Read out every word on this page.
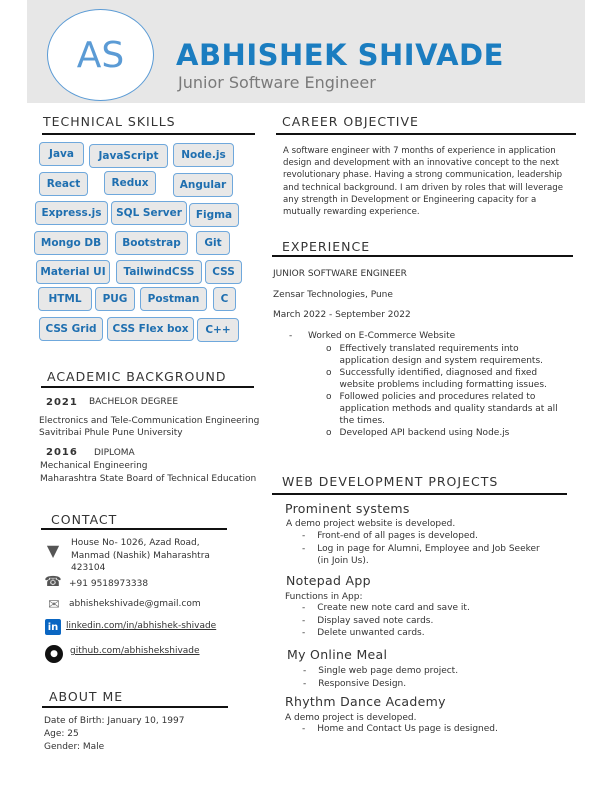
AS ABHISHEK SHIVADE
Junior Software Engineer
TECHNICAL SKILLS
Java	JavaScript	Node.js
React	Redux	Angular
Express.js	SQL Server	Figma
Mongo DB	Bootstrap	Git
Material UI	TailwindCSS	CSS
HTML	PUG	Postman	C
CSS Grid	CSS Flex box	C++
ACADEMIC BACKGROUND
2021 BACHELOR DEGREE
Electronics and Tele-Communication Engineering
Savitribai Phule Pune University
2016 DIPLOMA
Mechanical Engineering
Maharashtra State Board of Technical Education
CONTACT
▼ House No- 1026, Azad Road,
Manmad (Nashik) Maharashtra
423104
☎ +91 9518973338
✉ abhishekshivade@gmail.com
in linkedin.com/in/abhishek-shivade
●	github.com/abhishekshivade
ABOUT ME
Date of Birth: January 10, 1997
Age: 25
Gender: Male
CAREER OBJECTIVE
A software engineer with 7 months of experience in application design and development with an innovative concept to the next revolutionary phase. Having a strong communication, leadership and technical background. I am driven by roles that will leverage any strength in Development or Engineering capacity for a mutually rewarding experience.
EXPERIENCE
JUNIOR SOFTWARE ENGINEER
Zensar Technologies, Pune
March 2022 - September 2022
- Worked on E-Commerce Website
o Effectively translated requirements into application design and system requirements.
o Successfully identified, diagnosed and fixed website problems including formatting issues.
o Followed policies and procedures related to application methods and quality standards at all the times.
o Developed API backend using Node.js
WEB DEVELOPMENT PROJECTS
Prominent systems
A demo project website is developed.
- Front-end of all pages is developed.
- Log in page for Alumni, Employee and Job Seeker (in Join Us).
Notepad App
Functions in App:
- Create new note card and save it.
- Display saved note cards.
- Delete unwanted cards.
My Online Meal
- Single web page demo project.
- Responsive Design.
Rhythm Dance Academy
A demo project is developed.
- Home and Contact Us page is designed.
